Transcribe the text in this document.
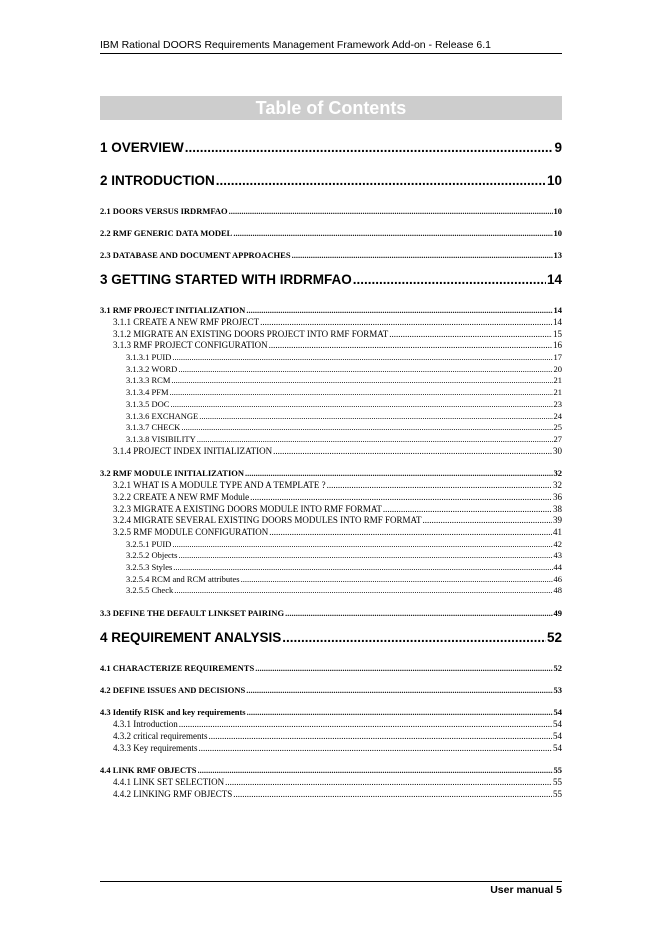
IBM Rational DOORS Requirements Management Framework Add-on - Release 6.1
Table of Contents
1 OVERVIEW .....	9
2 INTRODUCTION .....	10
2.1 DOORS VERSUS IRDRMFAO .....	10
2.2 RMF GENERIC DATA MODEL .....	10
2.3 DATABASE AND DOCUMENT APPROACHES .....	13
3 GETTING STARTED WITH IRDRMFAO .....	14
3.1 RMF PROJECT INITIALIZATION .....	14
3.1.1 CREATE A NEW RMF PROJECT .....	14
3.1.2 MIGRATE AN EXISTING DOORS PROJECT INTO RMF FORMAT .....	15
3.1.3 RMF PROJECT CONFIGURATION .....	16
3.1.3.1 PUID .....	17
3.1.3.2 WORD .....	20
3.1.3.3 RCM .....	21
3.1.3.4 PFM .....	21
3.1.3.5 DOC .....	23
3.1.3.6 EXCHANGE .....	24
3.1.3.7 CHECK .....	25
3.1.3.8 VISIBILITY .....	27
3.1.4 PROJECT INDEX INITIALIZATION .....	30
3.2 RMF MODULE INITIALIZATION .....	32
3.2.1 WHAT IS A MODULE TYPE AND A TEMPLATE ? .....	32
3.2.2 CREATE A NEW RMF Module .....	36
3.2.3 MIGRATE A EXISTING DOORS MODULE INTO RMF FORMAT .....	38
3.2.4 MIGRATE SEVERAL EXISTING DOORS MODULES INTO RMF FORMAT .....	39
3.2.5 RMF MODULE CONFIGURATION .....	41
3.2.5.1 PUID .....	42
3.2.5.2 Objects .....	43
3.2.5.3 Styles .....	44
3.2.5.4 RCM and RCM attributes .....	46
3.2.5.5 Check .....	48
3.3 DEFINE THE DEFAULT LINKSET PAIRING .....	49
4 REQUIREMENT ANALYSIS .....	52
4.1 CHARACTERIZE REQUIREMENTS .....	52
4.2 DEFINE ISSUES AND DECISIONS .....	53
4.3 Identify RISK and key requirements .....	54
4.3.1 Introduction .....	54
4.3.2 critical requirements .....	54
4.3.3 Key requirements .....	54
4.4 LINK RMF OBJECTS .....	55
4.4.1 LINK SET SELECTION .....	55
4.4.2 LINKING RMF OBJECTS .....	55
User manual 5
